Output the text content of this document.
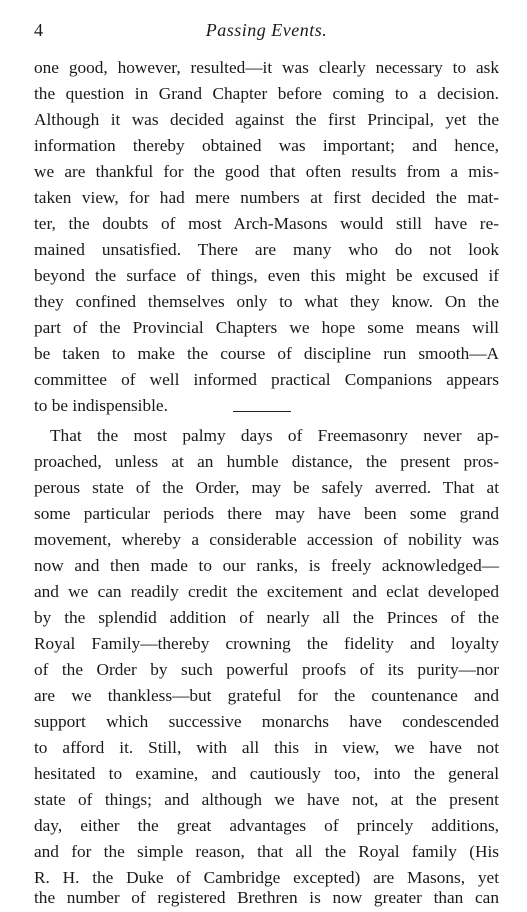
4	Passing Events.
one good, however, resulted—it was clearly necessary to ask
the question in Grand Chapter before coming to a decision.
Although it was decided against the first Principal, yet the
information thereby obtained was important; and hence,
we are thankful for the good that often results from a mis-
taken view, for had mere numbers at first decided the mat-
ter, the doubts of most Arch-Masons would still have re-
mained unsatisfied. There are many who do not look
beyond the surface of things, even this might be excused if
they confined themselves only to what they know. On the
part of the Provincial Chapters we hope some means will
be taken to make the course of discipline run smooth—A
committee of well informed practical Companions appears
to be indispensible.
That the most palmy days of Freemasonry never ap-
proached, unless at an humble distance, the present pros-
perous state of the Order, may be safely averred. That at
some particular periods there may have been some grand
movement, whereby a considerable accession of nobility was
now and then made to our ranks, is freely acknowledged—
and we can readily credit the excitement and eclat developed
by the splendid addition of nearly all the Princes of the
Royal Family—thereby crowning the fidelity and loyalty
of the Order by such powerful proofs of its purity—nor
are we thankless—but grateful for the countenance and
support which successive monarchs have condescended
to afford it. Still, with all this in view, we have not
hesitated to examine, and cautiously too, into the general
state of things; and although we have not, at the present
day, either the great advantages of princely additions,
and for the simple reason, that all the Royal family (His
R. H. the Duke of Cambridge excepted) are Masons, yet
the number of registered Brethren is now greater than can
